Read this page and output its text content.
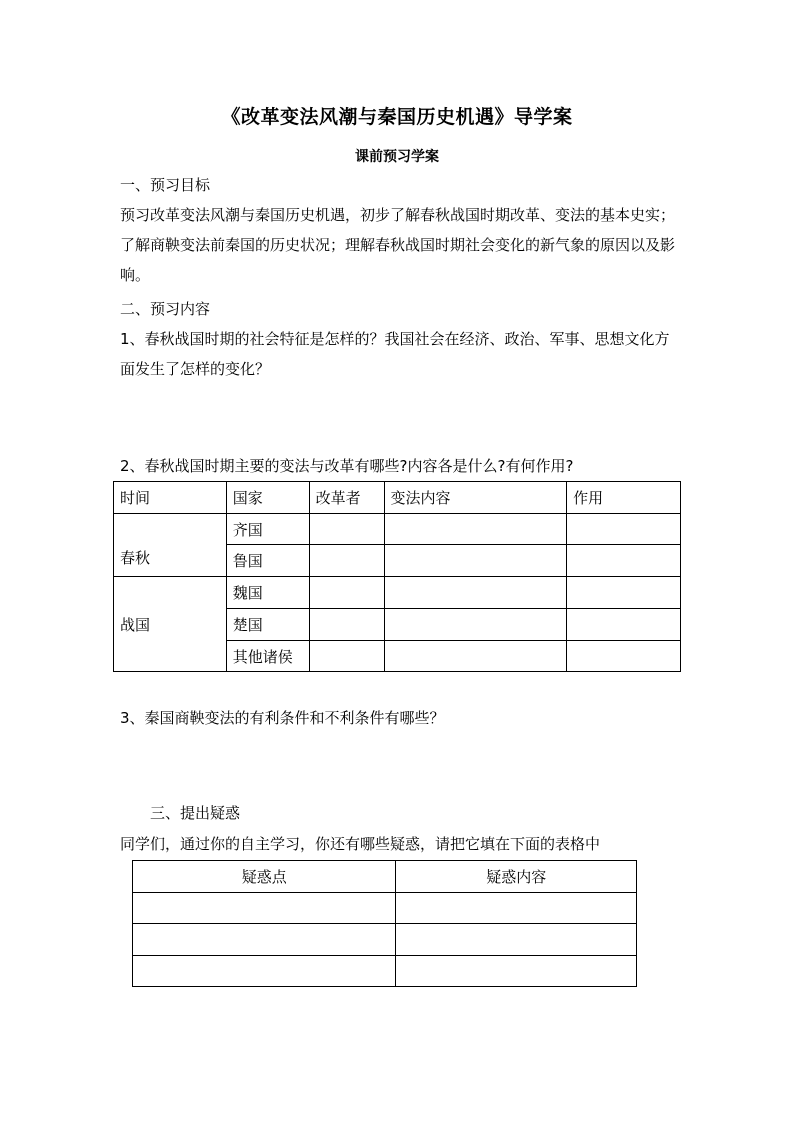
《改革变法风潮与秦国历史机遇》导学案
课前预习学案
一、预习目标
预习改革变法风潮与秦国历史机遇，初步了解春秋战国时期改革、变法的基本史实；了解商鞅变法前秦国的历史状况；理解春秋战国时期社会变化的新气象的原因以及影响。
二、预习内容
1、春秋战国时期的社会特征是怎样的？我国社会在经济、政治、军事、思想文化方面发生了怎样的变化？
2、春秋战国时期主要的变法与改革有哪些?内容各是什么?有何作用?
时间	国家	改革者	变法内容	作用
春秋	齐国			
	鲁国			
战国	魏国			
	楚国			
	其他诸侯			
3、秦国商鞅变法的有利条件和不利条件有哪些？
三、提出疑惑
同学们，通过你的自主学习，你还有哪些疑惑，请把它填在下面的表格中
疑惑点	疑惑内容
